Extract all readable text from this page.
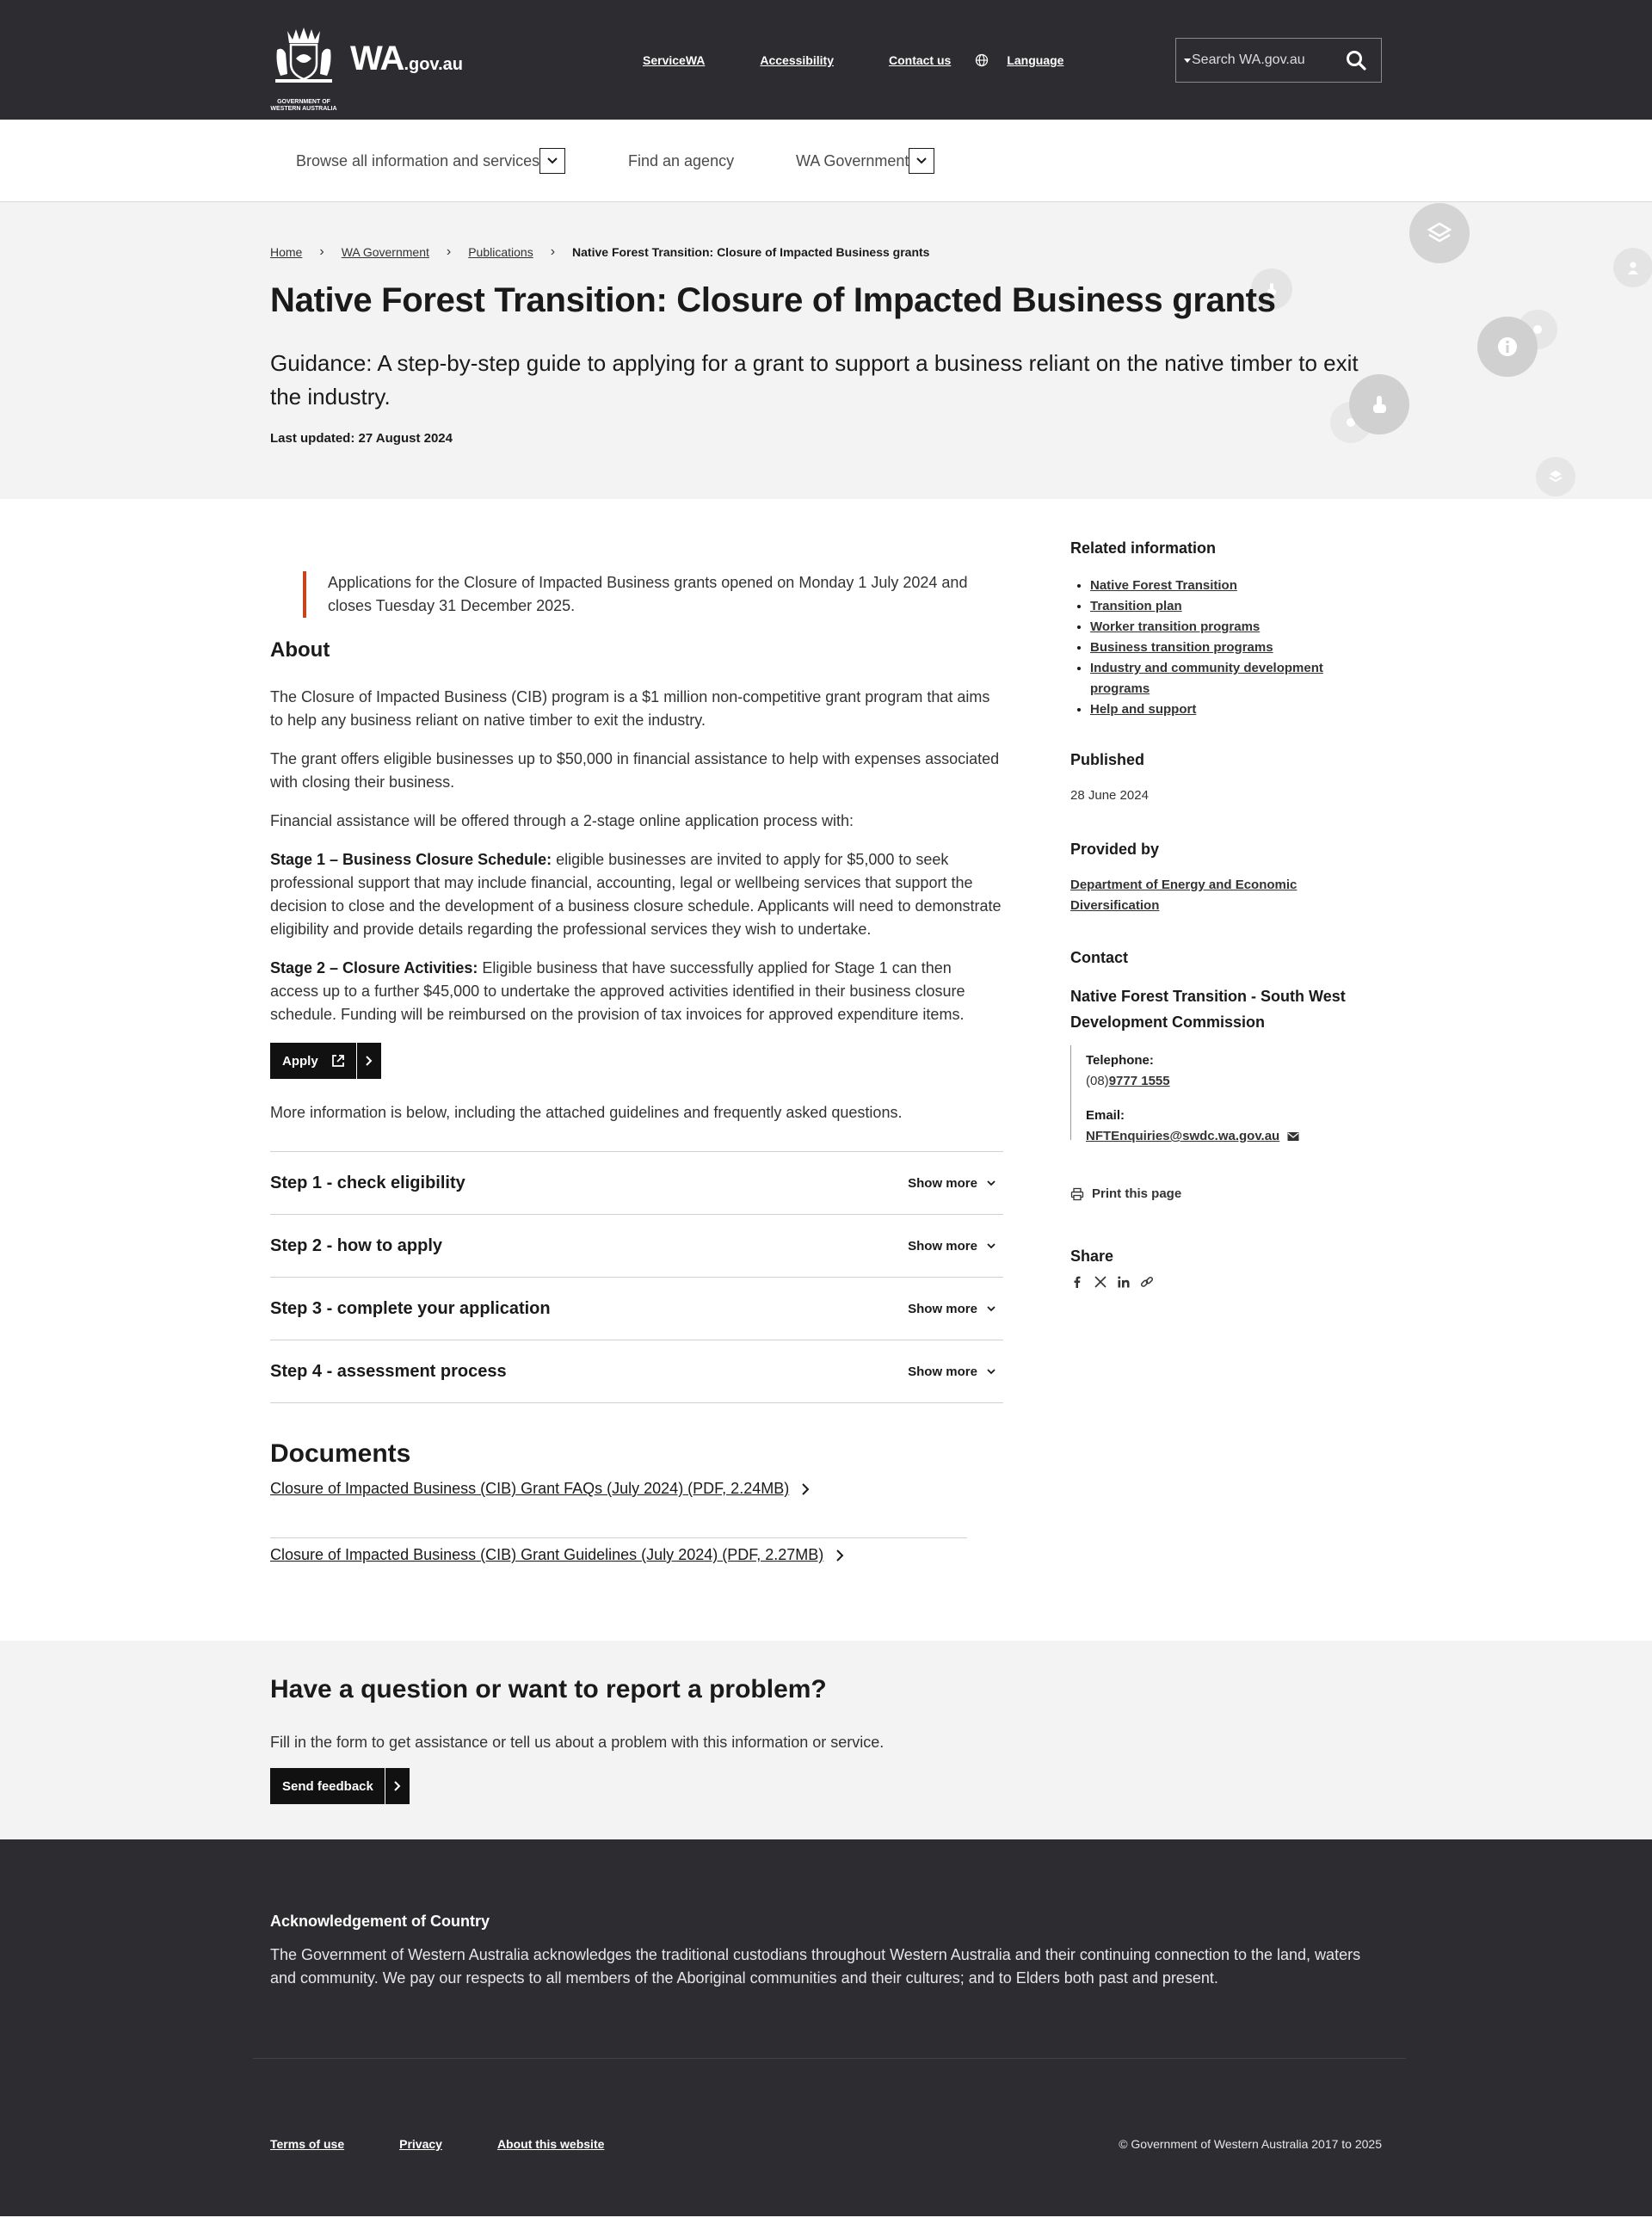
GOVERNMENT OF
WESTERN AUSTRALIA
WA.gov.au	ServiceWA	Accessibility	Contact us	Language	Search WA.gov.au
Browse all information and services	Find an agency	WA Government
Home › WA Government › Publications › Native Forest Transition: Closure of Impacted Business grants
Native Forest Transition: Closure of Impacted Business grants

Guidance: A step-by-step guide to applying for a grant to support a business reliant on the native timber to exit the industry.

Last updated: 27 August 2024

Applications for the Closure of Impacted Business grants opened on Monday 1 July 2024 and closes Tuesday 31 December 2025.
About

The Closure of Impacted Business (CIB) program is a $1 million non-competitive grant program that aims to help any business reliant on native timber to exit the industry.

The grant offers eligible businesses up to $50,000 in financial assistance to help with expenses associated with closing their business.

Financial assistance will be offered through a 2-stage online application process with:

Stage 1 – Business Closure Schedule: eligible businesses are invited to apply for $5,000 to seek professional support that may include financial, accounting, legal or wellbeing services that support the decision to close and the development of a business closure schedule. Applicants will need to demonstrate eligibility and provide details regarding the professional services they wish to undertake.

Stage 2 – Closure Activities: Eligible business that have successfully applied for Stage 1 can then access up to a further $45,000 to undertake the approved activities identified in their business closure schedule. Funding will be reimbursed on the provision of tax invoices for approved expenditure items.

Apply

More information is below, including the attached guidelines and frequently asked questions.

Step 1 - check eligibility	Show more
Step 2 - how to apply	Show more
Step 3 - complete your application	Show more
Step 4 - assessment process	Show more
Documents
Closure of Impacted Business (CIB) Grant FAQs (July 2024) (PDF, 2.24MB)
Closure of Impacted Business (CIB) Grant Guidelines (July 2024) (PDF, 2.27MB)
Related information
• Native Forest Transition
• Transition plan
• Worker transition programs
• Business transition programs
• Industry and community development programs
• Help and support
Published

28 June 2024

Provided by
Department of Energy and Economic Diversification
Contact

Native Forest Transition - South West Development Commission

Telephone:
(08) 9777 1555
Email:
NFTEnquiries@swdc.wa.gov.au
Print this page
Share
Have a question or want to report a problem?

Fill in the form to get assistance or tell us about a problem with this information or service.

Send feedback
Acknowledgement of Country

The Government of Western Australia acknowledges the traditional custodians throughout Western Australia and their continuing connection to the land, waters and community. We pay our respects to all members of the Aboriginal communities and their cultures; and to Elders both past and present.

Terms of use	Privacy	About this website	© Government of Western Australia 2017 to 2025
